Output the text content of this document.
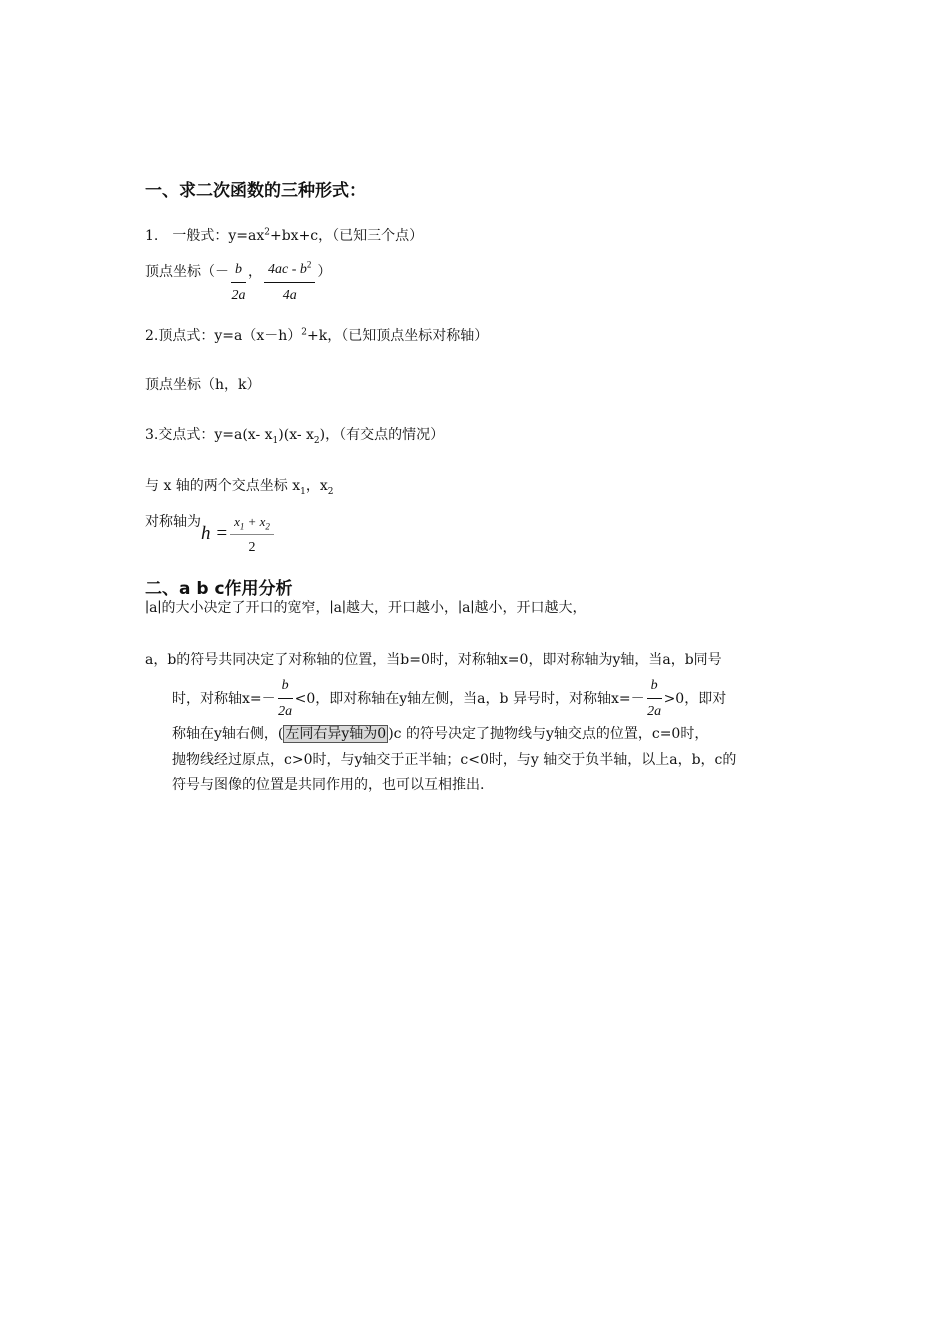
一、求二次函数的三种形式：
1.　一般式：$y=ax^2+bx+c$，（已知三个点）
顶点坐标（－ $\frac{b}{2a}$ ， $\frac{4ac - b^2}{4a}$ ）
2.顶点式：$y=a(x-h)^2+k$，（已知顶点坐标对称轴）
顶点坐标（h，k）
3.交点式：y=a(x- $x_1)(x-$ $x_2$)，（有交点的情况）
与 x 轴的两个交点坐标 $x_1$，$x_2$
对称轴为$h = \frac{x_1 + x_2}{2}$
二、a b c作用分析
∣a∣的大小决定了开口的宽窄，∣a∣越大，开口越小，∣a∣越小，开口越大，
a，b的符号共同决定了对称轴的位置，当b=0时，对称轴x=0，即对称轴为y轴，当a，b同号
时，对称轴$x=- \frac{b}{2a} <0$，即对称轴在y轴左侧，当a，b 异号时，对称轴$x=- \frac{b}{2a} >0$，即对
称轴在y轴右侧，( 左同右异y轴为0 )c 的符号决定了抛物线与y轴交点的位置，c=0时，
抛物线经过原点，c>0时，与y轴交于正半轴；c<0时，与y 轴交于负半轴，以上a，b，c的
符号与图像的位置是共同作用的，也可以互相推出.
